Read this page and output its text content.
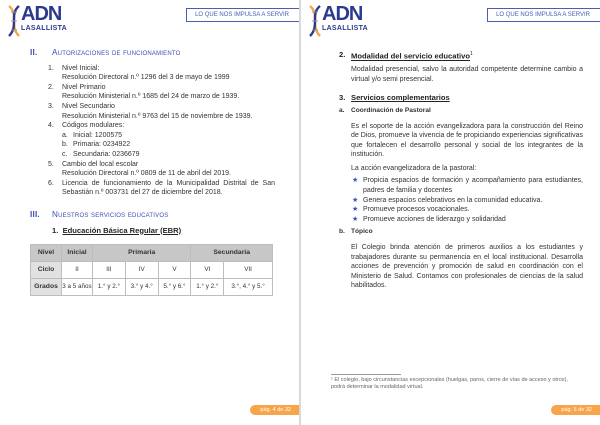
ADN
LASALLISTA
LO QUE NOS IMPULSA A SERVIR
II. Autorizaciones de funcionamiento
1. Nivel Inicial:
Resolución Directoral n.º 1296 del 3 de mayo de 1999
2. Nivel Primario
Resolución Ministerial n.º 1685 del 24 de marzo de 1939.
3. Nivel Secundario
Resolución Ministerial n.º 9763 del 15 de noviembre de 1939.
4. Códigos modulares:
a. Inicial: 1200575
b. Primaria: 0234922
c. Secundaria: 0236679
5. Cambio del local escolar
Resolución Directoral n.º 0809 de 11 de abril del 2019.
6. Licencia de funcionamiento de la Municipalidad Distrital de San Sebastián n.º 003731 del 27 de diciembre del 2018.
III. Nuestros servicios educativos
1. Educación Básica Regular (EBR)
Nivel	Inicial	Primaria			Secundaria	
Ciclo	II	III	IV	V	VI	VII
Grados	3 a 5 años	1.° y 2.°	3.° y 4.°	5.° y 6.°	1.° y 2.°	3.°, 4.° y 5.°
pág. 4 de 32
ADN
LASALLISTA
LO QUE NOS IMPULSA A SERVIR
2. Modalidad del servicio educativo$^1$
Modalidad presencial, salvo la autoridad competente determine cambio a virtual y/o semi presencial.
3. Servicios complementarios
a. Coordinación de Pastoral
Es el soporte de la acción evangelizadora para la construcción del Reino de Dios, promueve la vivencia de fe propiciando experiencias significativas que fortalecen el desarrollo personal y social de los integrantes de la institución.
La acción evangelizadora de la pastoral:
★ Propicia espacios de formación y acompañamiento para estudiantes, padres de familia y docentes
★ Genera espacios celebrativos en la comunidad educativa.
★ Promueve procesos vocacionales.
★ Promueve acciones de liderazgo y solidaridad
b. Tópico
El Colegio brinda atención de primeros auxilios a los estudiantes y trabajadores durante su permanencia en el local institucional. Desarrolla acciones de prevención y promoción de salud en coordinación con el Ministerio de Salud. Contamos con profesionales de ciencias de la salud habilitados.
¹ El colegio, bajo circunstancias excepcionales (huelgas, paros, cierre de vías de acceso y otros), podrá determinar la modalidad virtual.
pág. 5 de 32
